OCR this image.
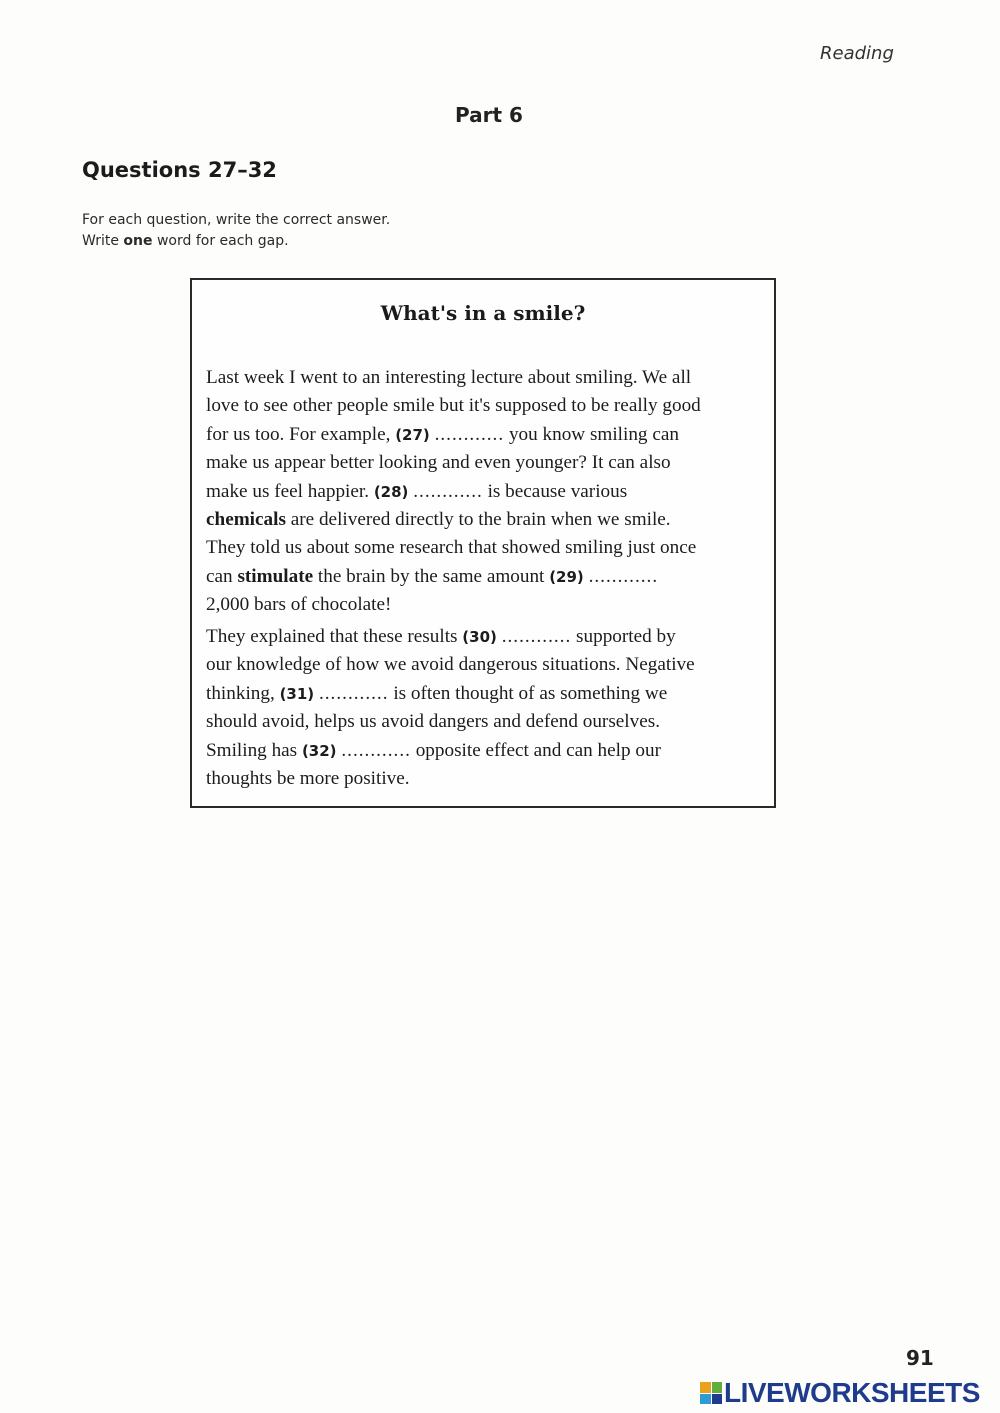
Reading
Part 6
Questions 27–32
For each question, write the correct answer.
Write one word for each gap.
What's in a smile?
Last week I went to an interesting lecture about smiling. We all
love to see other people smile but it's supposed to be really good
for us too. For example, (27) ............ you know smiling can
make us appear better looking and even younger? It can also
make us feel happier. (28) ............ is because various
chemicals are delivered directly to the brain when we smile.
They told us about some research that showed smiling just once
can stimulate the brain by the same amount (29) ............
2,000 bars of chocolate!
They explained that these results (30) ............ supported by
our knowledge of how we avoid dangerous situations. Negative
thinking, (31) ............ is often thought of as something we
should avoid, helps us avoid dangers and defend ourselves.
Smiling has (32) ............ opposite effect and can help our
thoughts be more positive.
91
LIVEWORKSHEETS
